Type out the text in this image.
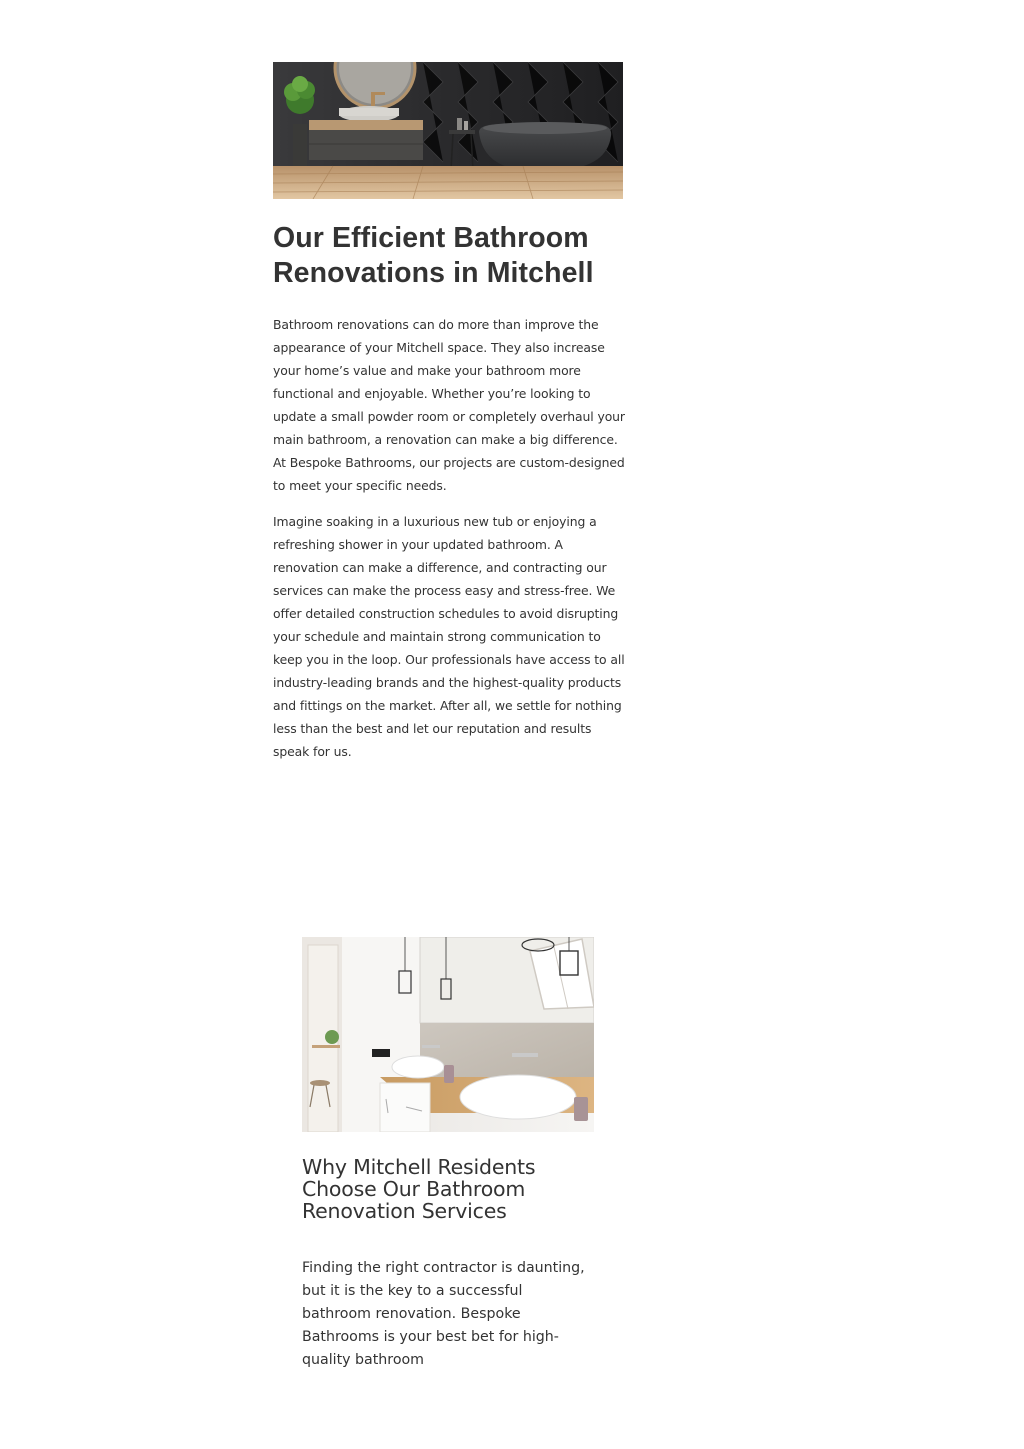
Our Efficient Bathroom Renovations in Mitchell

Bathroom renovations can do more than improve the appearance of your Mitchell space. They also increase your home’s value and make your bathroom more functional and enjoyable. Whether you’re looking to update a small powder room or completely overhaul your main bathroom, a renovation can make a big difference. At Bespoke Bathrooms, our projects are custom-designed to meet your specific needs.

Imagine soaking in a luxurious new tub or enjoying a refreshing shower in your updated bathroom. A renovation can make a difference, and contracting our services can make the process easy and stress-free. We offer detailed construction schedules to avoid disrupting your schedule and maintain strong communication to keep you in the loop. Our professionals have access to all industry-leading brands and the highest-quality products and fittings on the market. After all, we settle for nothing less than the best and let our reputation and results speak for us.

Why Mitchell Residents Choose Our Bathroom Renovation Services

Finding the right contractor is daunting, but it is the key to a successful bathroom renovation. Bespoke Bathrooms is your best bet for high-quality bathroom
